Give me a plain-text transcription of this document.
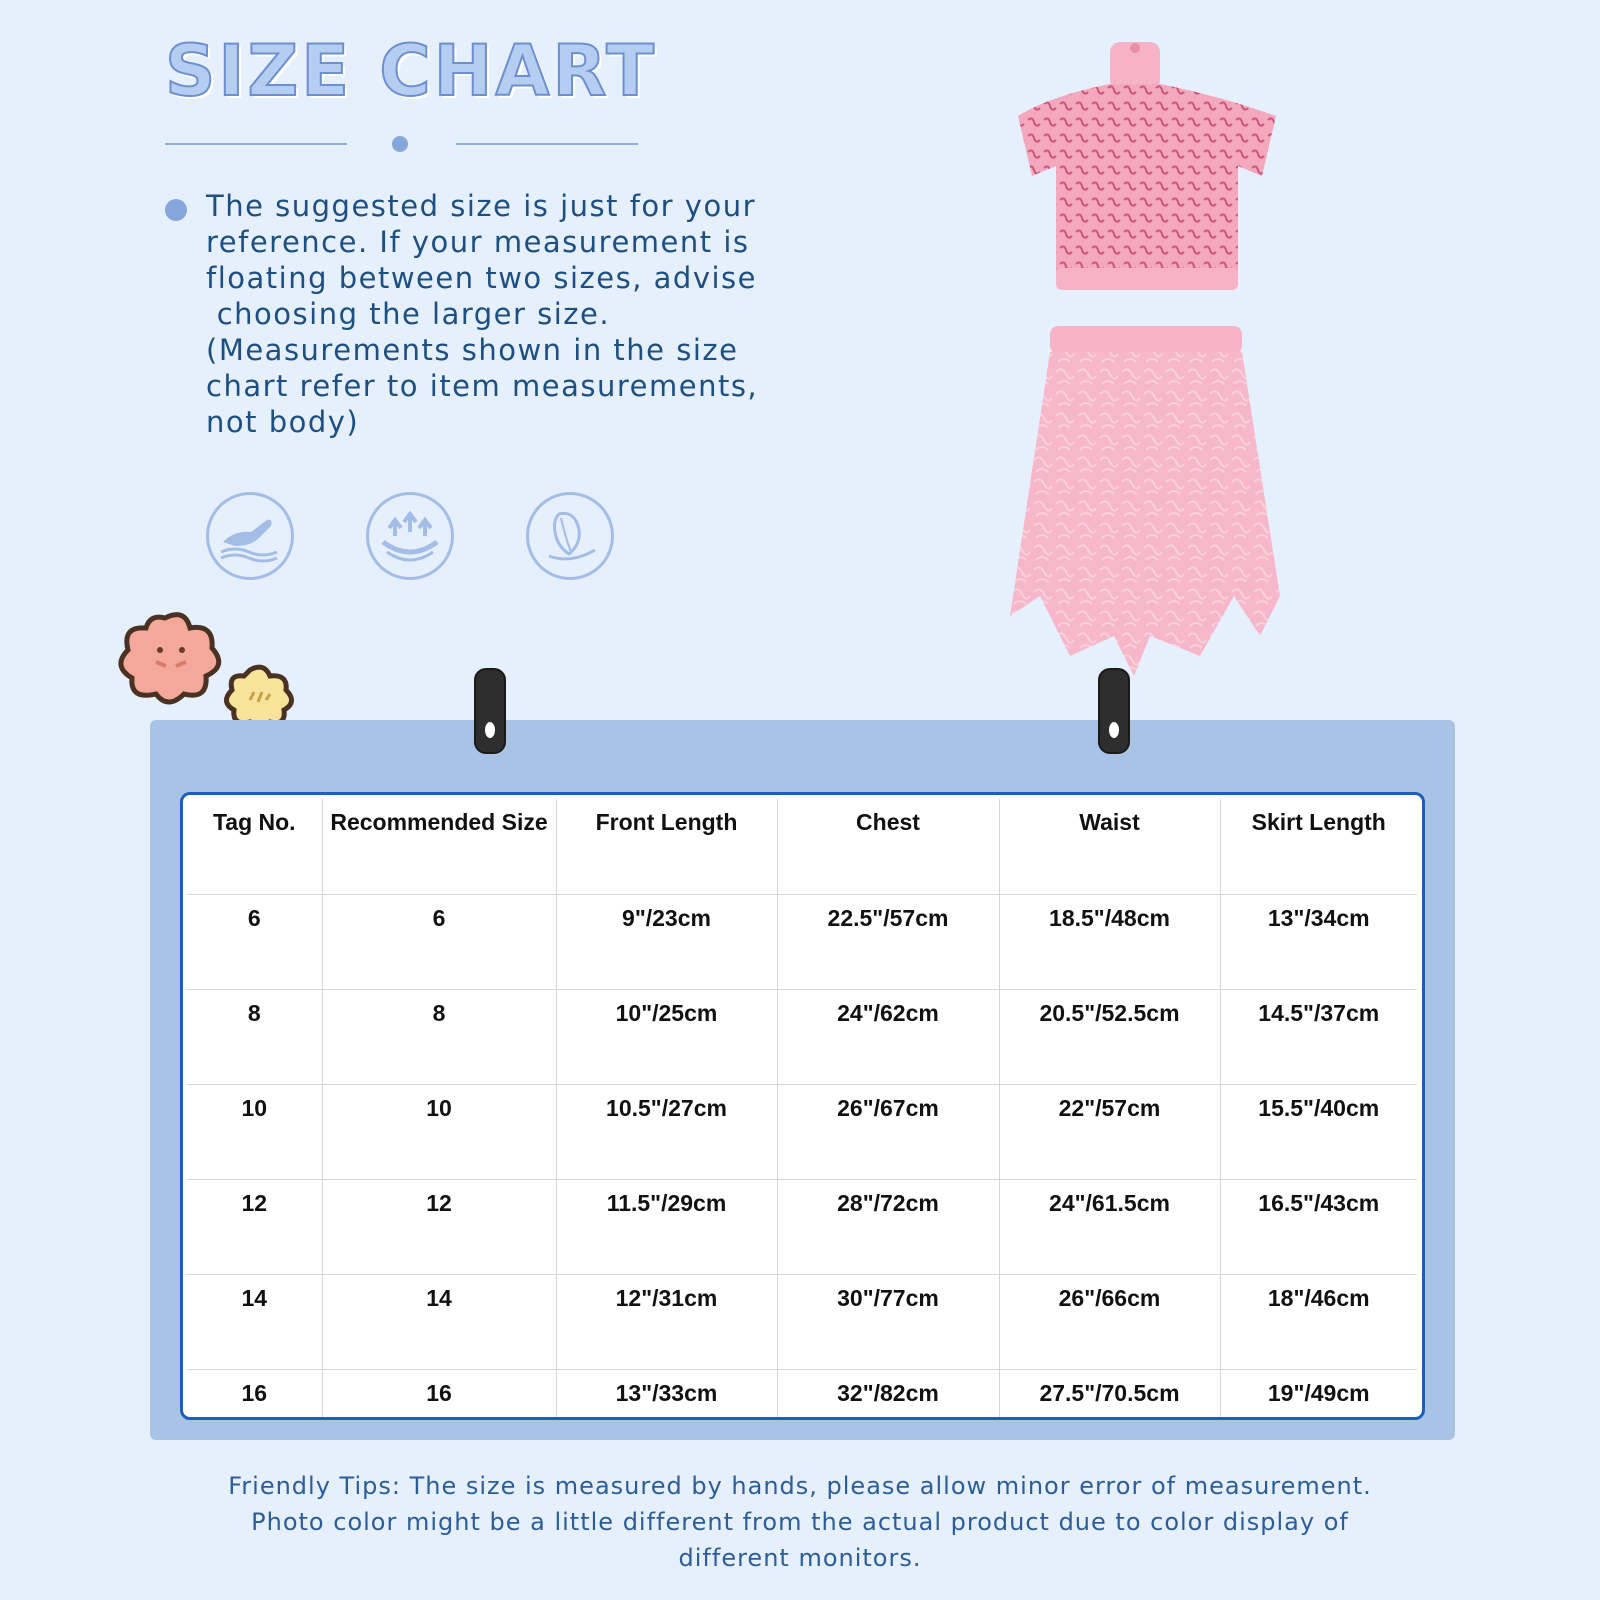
SIZE CHART
The suggested size is just for your
reference. If your measurement is
floating between two sizes, advise
choosing the larger size.
(Measurements shown in the size
chart refer to item measurements,
not body)
Tag No.	Recommended Size	Front Length	Chest	Waist	Skirt Length
6	6	9"/23cm	22.5"/57cm	18.5"/48cm	13"/34cm
8	8	10"/25cm	24"/62cm	20.5"/52.5cm	14.5"/37cm
10	10	10.5"/27cm	26"/67cm	22"/57cm	15.5"/40cm
12	12	11.5"/29cm	28"/72cm	24"/61.5cm	16.5"/43cm
14	14	12"/31cm	30"/77cm	26"/66cm	18"/46cm
16	16	13"/33cm	32"/82cm	27.5"/70.5cm	19"/49cm
Friendly Tips: The size is measured by hands, please allow minor error of measurement.
Photo color might be a little different from the actual product due to color display of
different monitors.
